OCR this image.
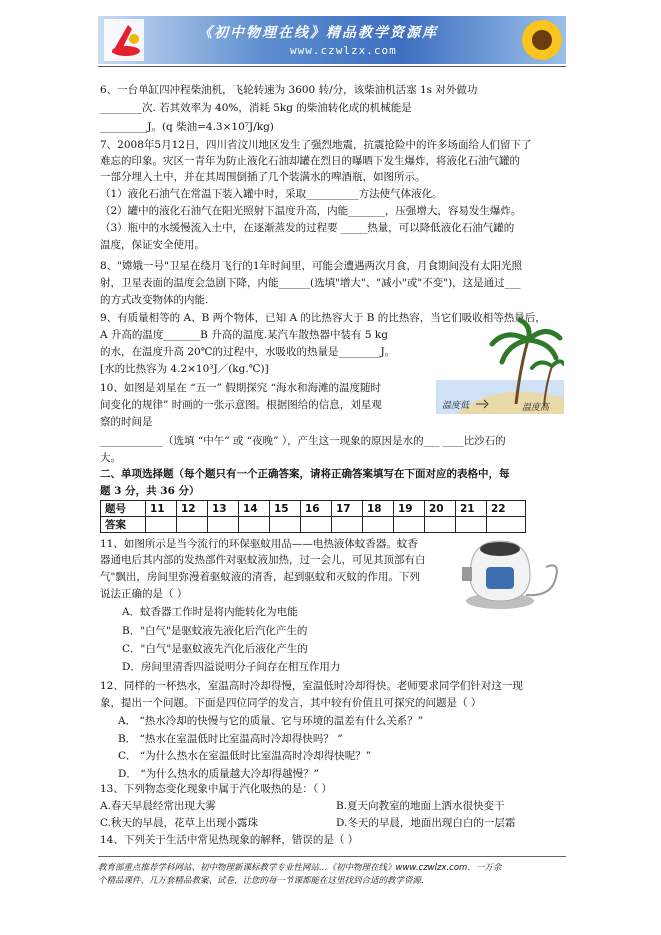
《初中物理在线》精品教学资源库
www.czwlzx.com
6、一台单缸四冲程柴油机，飞轮转速为 3600 转/分，该柴油机活塞 1s 对外做功
________次. 若其效率为 40%，消耗 5kg 的柴油转化成的机械能是
_________J。(q 柴油=4.3×10⁷J/kg)
7、2008年5月12日，四川省汶川地区发生了强烈地震，抗震抢险中的许多场面给人们留下了
难忘的印象。灾区一青年为防止液化石油却罐在烈日的曝晒下发生爆炸，将液化石油气罐的
一部分埋入土中，并在其周围倒插了几个装满水的啤酒瓶，如图所示。
（1）液化石油气在常温下装入罐中时，采取__________方法使气体液化。
（2）罐中的液化石油气在阳光照射下温度升高，内能_______，压强增大，容易发生爆炸。
（3）瓶中的水缓慢流入土中，在逐渐蒸发的过程要 _____热量，可以降低液化石油气罐的
温度，保证安全使用。
8、"嫦娥一号"卫星在绕月飞行的1年时间里，可能会遭遇两次月食，月食期间没有太阳光照
射，卫星表面的温度会急剧下降，内能______(选填"增大"、"减小"或"不变")，这是通过___
的方式改变物体的内能.
9、有质量相等的 A、B 两个物体，已知 A 的比热容大于 B 的比热容，当它们吸收相等热量后，
A 升高的温度_______B 升高的温度.某汽车散热器中装有 5 kg
的水，在温度升高 20℃的过程中，水吸收的热量是________J。
[水的比热容为 4.2×10³J／(kg.℃)]
温度低	温度高
10、如图是刘星在 “五一” 假期探究 “海水和海滩的温度随时
间变化的规律” 时画的一张示意图。根据图给的信息，刘星观
察的时间是
____________（选填 “中午” 或 “夜晚” ），产生这一现象的原因是水的___ ____比沙石的
大。
二、单项选择题（每个题只有一个正确答案，请将正确答案填写在下面对应的表格中，每
题 3 分，共 36 分）
题号	11	12	13	14	15	16	17	18	19	20	21	22
答案												
11、如图所示是当今流行的环保驱蚊用品——电热液体蚊香器。蚊香
器通电后其内部的发热部件对驱蚊液加热，过一会儿，可见其顶部有白
气"飘出，房间里弥漫着驱蚊液的清香，起到驱蚊和灭蚊的作用。下列
说法正确的是（ ）
A．蚊香器工作时是将内能转化为电能
B．"白气"是驱蚊液先液化后汽化产生的
C．"白气"是驱蚊液先汽化后液化产生的
D．房间里清香四溢说明分子间存在相互作用力
12、同样的一杯热水，室温高时冷却得慢，室温低时冷却得快。老师要求同学们针对这一现
象，提出一个问题。下面是四位同学的发言，其中较有价值且可探究的问题是（ ）
A． “热水冷却的快慢与它的质量、它与环境的温差有什么关系？”
B． “热水在室温低时比室温高时冷却得快吗？ ”
C． “为什么热水在室温低时比室温高时冷却得快呢？”
D． “为什么热水的质量越大冷却得越慢？”
13、下列物态变化现象中属于汽化吸热的是：（ ）
A.春天早晨经常出现大雾	B.夏天向教室的地面上洒水很快变干
C.秋天的早晨，花草上出现小露珠	D.冬天的早晨，地面出现白白的一层霜
14、下列关于生活中常见热现象的解释，错误的是（ ）
教育部重点推荐学科网站、初中物理新课标教学专业性网站…《初中物理在线》www.czwlzx.com．一万余
个精品课件、几万套精品教案、试卷，让您的每一节课都能在这里找到合适的教学资源．
